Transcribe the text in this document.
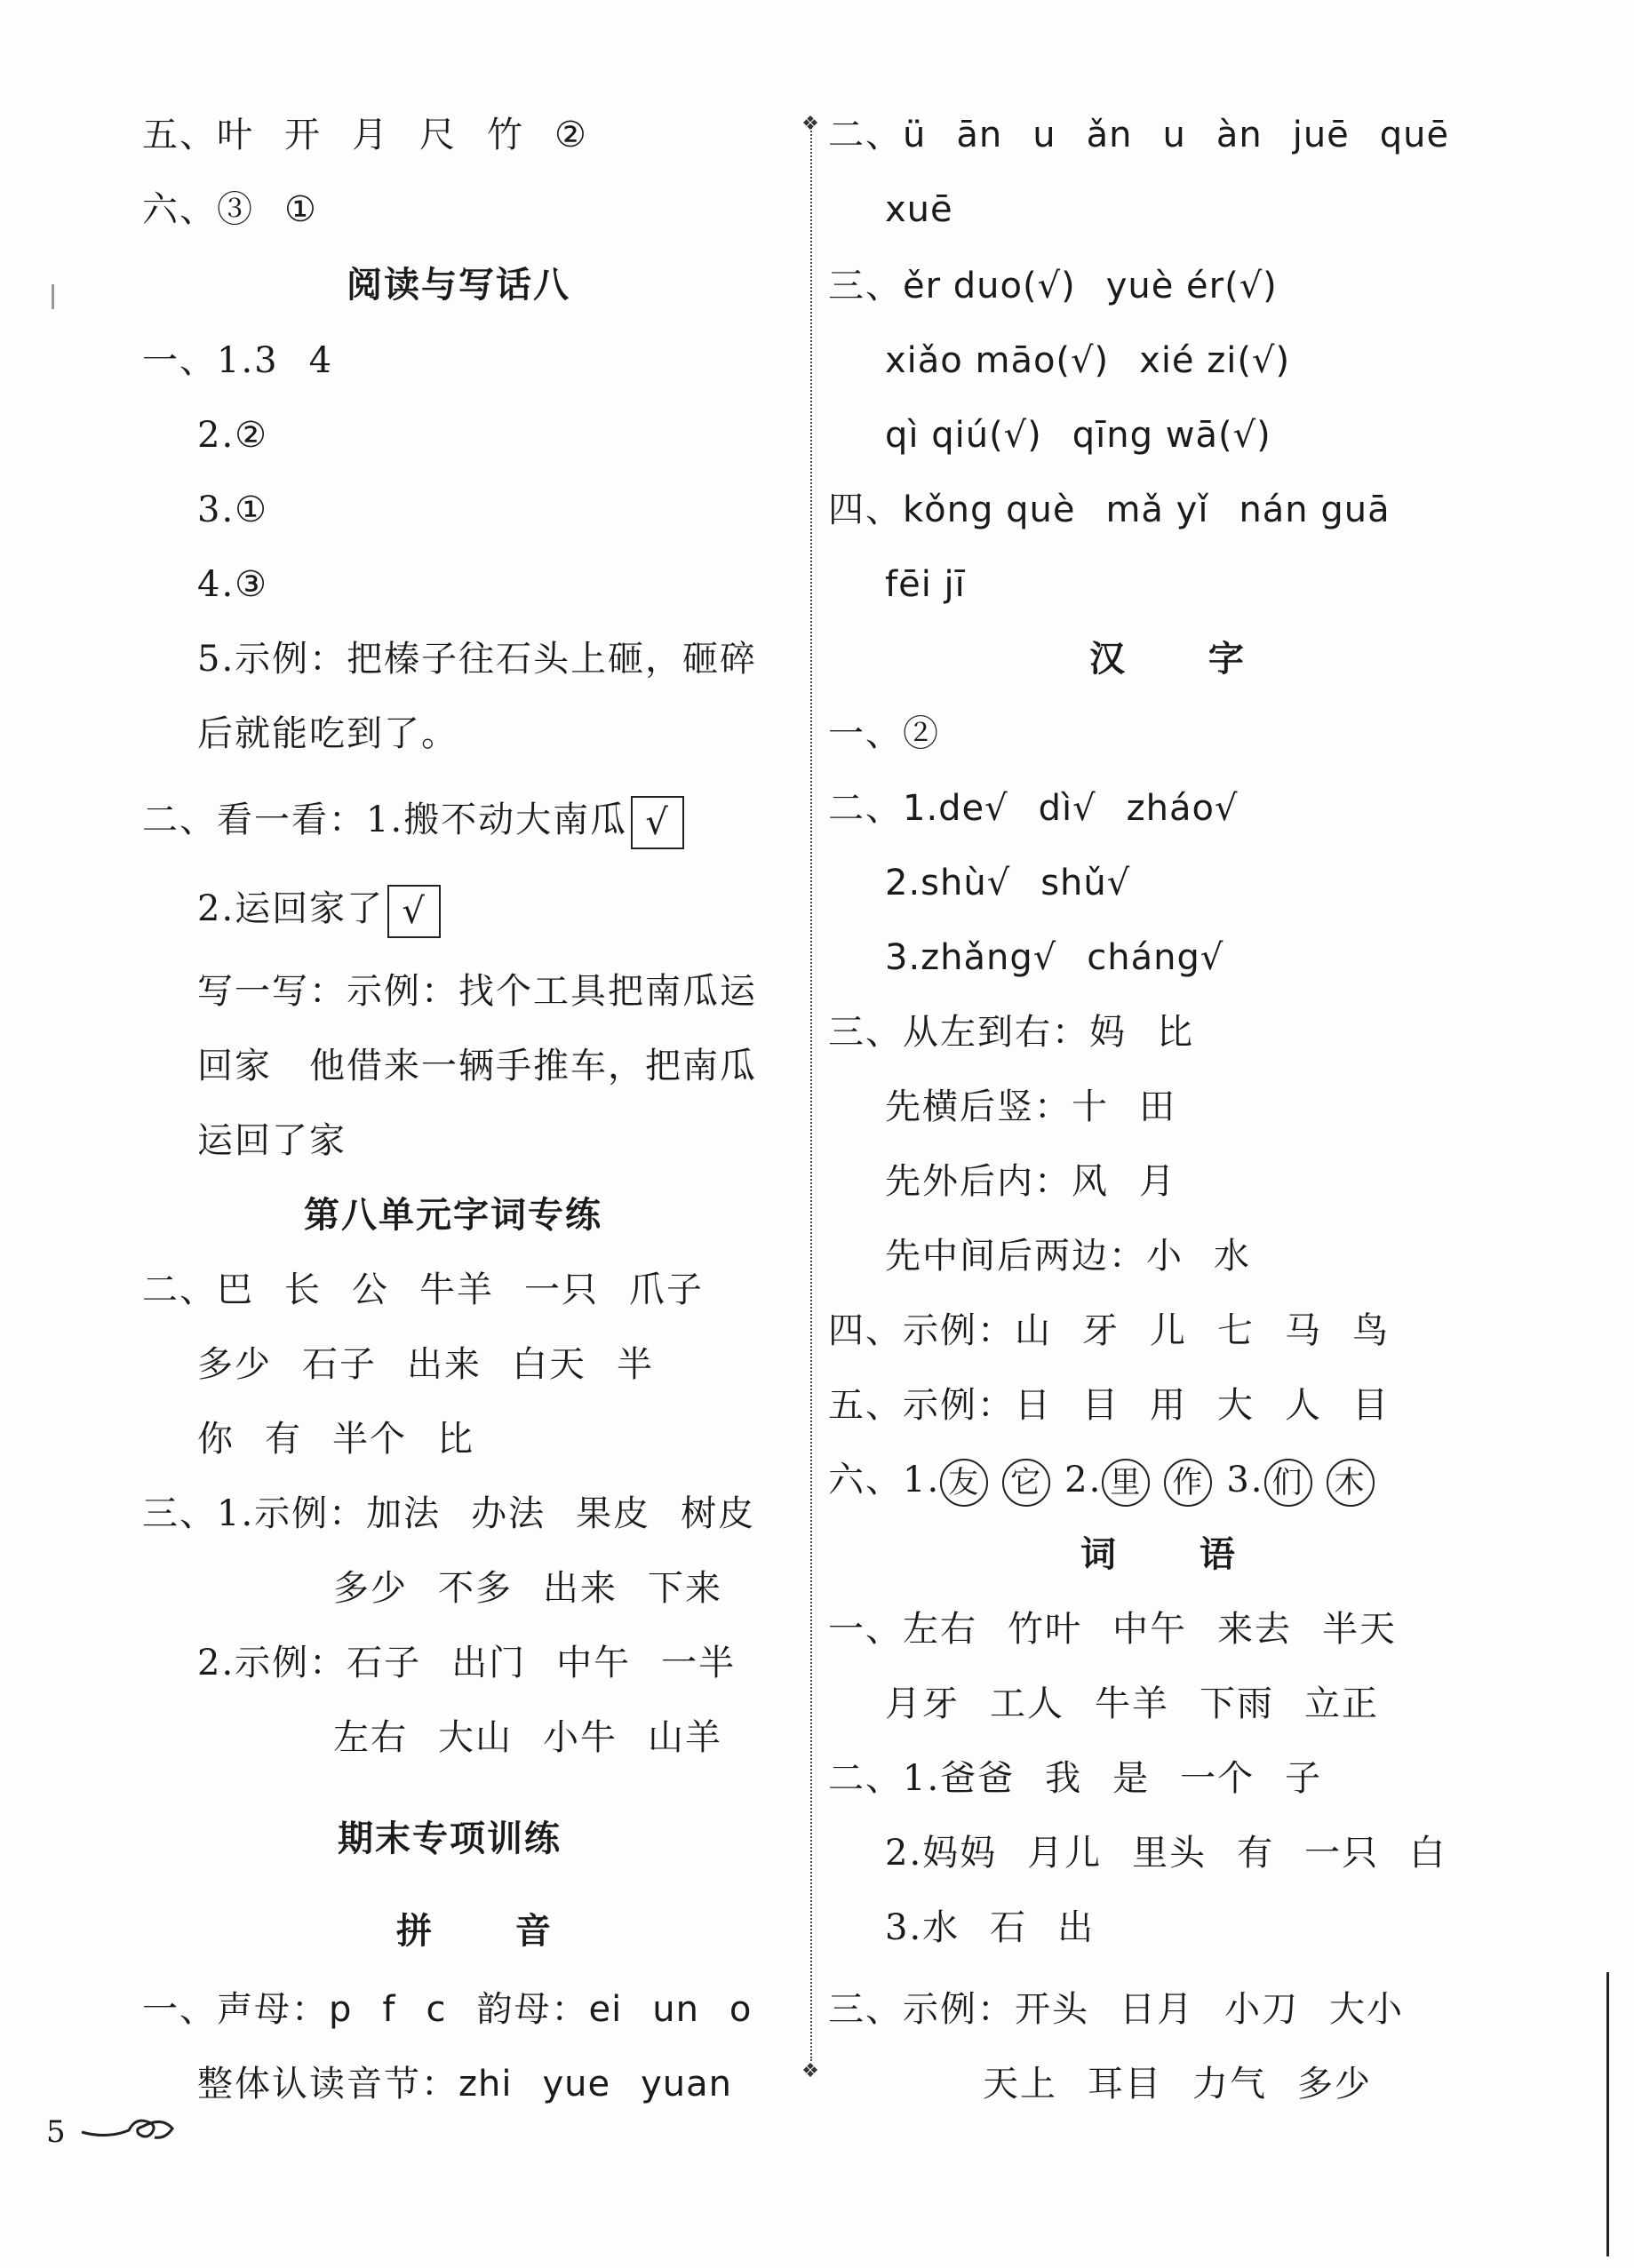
五、叶 开 月 尺 竹 ②
六、③ ①
阅读与写话八
一、1.3 4
2.②
3.①
4.③
5.示例：把榛子往石头上砸，砸碎
后就能吃到了。
二、看一看：1.搬不动大南瓜 √
2.运回家了 √
写一写：示例：找个工具把南瓜运
回家　他借来一辆手推车，把南瓜
运回了家
第八单元字词专练
二、巴 长 公 牛羊 一只 爪子
多少 石子 出来 白天 半
你 有 半个 比
三、1.示例：加法 办法 果皮 树皮
多少 不多 出来 下来
2.示例：石子 出门 中午 一半
左右 大山 小牛 山羊
期末专项训练
拼 音
一、声母：p f c 韵母：ei un o
整体认读音节：zhi yue yuan
❖
❖
二、ü ān u ǎn u àn juē quē
xuē
三、ěr duo(√) yuè ér(√)
xiǎo māo(√) xié zi(√)
qì qiú(√) qīng wā(√)
四、kǒng què mǎ yǐ nán guā
fēi jī
汉 字
一、②
二、1.de√ dì√ zháo√
2.shù√ shǔ√
3.zhǎng√ cháng√
三、从左到右：妈 比
先横后竖：十 田
先外后内：风 月
先中间后两边：小 水
四、示例：山 牙 儿 七 马 鸟
五、示例：日 目 用 大 人 目
六、1. 友 它 2. 里 作 3. 们 木
词 语
一、左右 竹叶 中午 来去 半天
月牙 工人 牛羊 下雨 立正
二、1.爸爸 我 是 一个 子
2.妈妈 月儿 里头 有 一只 白
3.水 石 出
三、示例：开头 日月 小刀 大小
天上 耳目 力气 多少
5
